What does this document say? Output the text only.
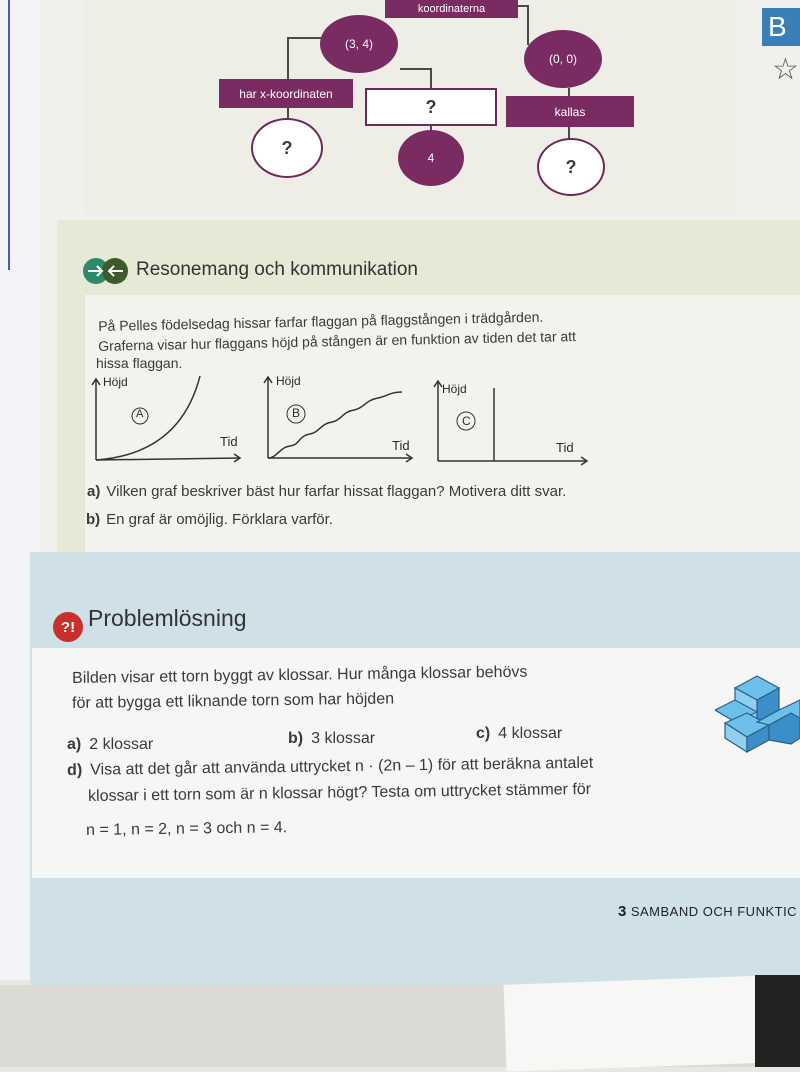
koordinaterna
(3, 4)
(0, 0)
har x-koordinaten
?	kallas
?
4	?
B
☆
Resonemang och kommunikation
På Pelles födelsedag hissar farfar flaggan på flaggstången i trädgården.
Graferna visar hur flaggans höjd på stången är en funktion av tiden det tar att
hissa flaggan.
Höjd
A
Tid
Höjd
B
Tid
Höjd
C
Tid
a) Vilken graf beskriver bäst hur farfar hissat flaggan? Motivera ditt svar.
b) En graf är omöjlig. Förklara varför.
?! Problemlösning
Bilden visar ett torn byggt av klossar. Hur många klossar behövs
för att bygga ett liknande torn som har höjden
a) 2 klossar	b) 3 klossar	c) 4 klossar
d) Visa att det går att använda uttrycket n · (2n – 1) för att beräkna antalet
klossar i ett torn som är n klossar högt? Testa om uttrycket stämmer för
n = 1, n = 2, n = 3 och n = 4.
3 SAMBAND OCH FUNKTIC
